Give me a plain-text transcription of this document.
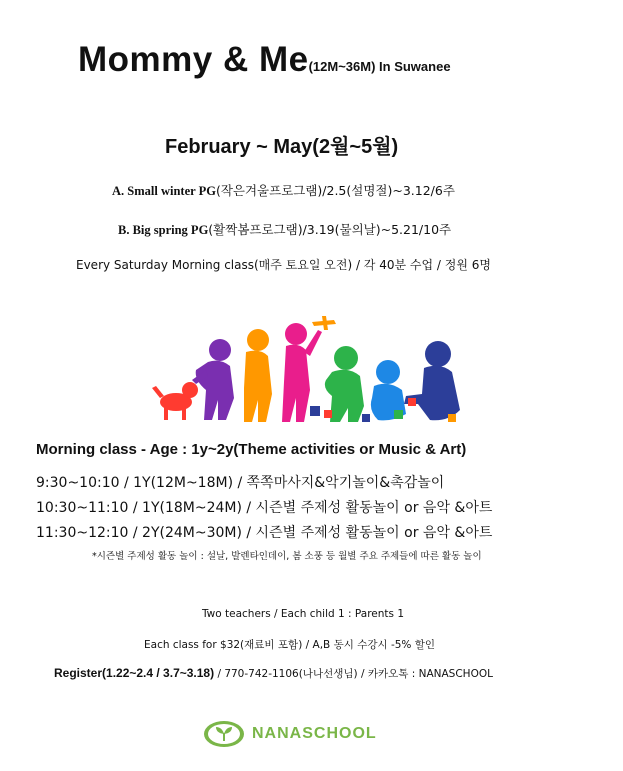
Mommy & Me(12M~36M) In Suwanee
February ~ May(2월~5월)
A. Small winter PG(작은겨울프로그램)/2.5(설명절)~3.12/6주
B. Big spring PG(활짝봄프로그램)/3.19(물의날)~5.21/10주
Every Saturday Morning class(매주 토요일 오전) / 각 40분 수업 / 정원 6명
Morning class - Age : 1y~2y(Theme activities or Music & Art)
9:30~10:10 / 1Y(12M~18M) / 쪽쪽마사지&악기놀이&촉감놀이
10:30~11:10 / 1Y(18M~24M) / 시즌별 주제성 활동놀이 or 음악 &아트
11:30~12:10 / 2Y(24M~30M) / 시즌별 주제성 활동놀이 or 음악 &아트
*시즌별 주제성 활동 놀이 : 설날, 발렌타인데이, 봄 소풍 등 월별 주요 주제들에 따른 활동 놀이
Two teachers / Each child 1 : Parents 1
Each class for $32(재료비 포함) / A,B 동시 수강시 -5% 할인
Register(1.22~2.4 / 3.7~3.18) / 770-742-1106(나나선생님) / 카카오톡 : NANASCHOOL
NANASCHOOL
